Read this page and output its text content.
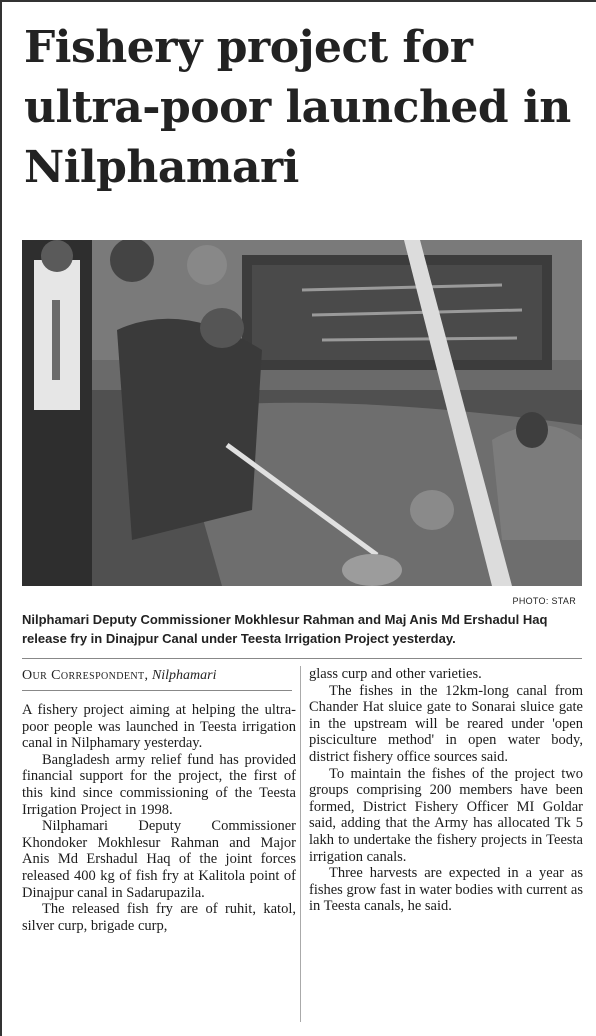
Fishery project for ultra-poor launched in Nilphamari
PHOTO: STAR

Nilphamari Deputy Commissioner Mokhlesur Rahman and Maj Anis Md Ershadul Haq release fry in Dinajpur Canal under Teesta Irrigation Project yesterday.

Our Correspondent, Nilphamari

A fishery project aiming at helping the ultra-poor people was launched in Teesta irrigation canal in Nilphamary yesterday.

Bangladesh army relief fund has provided financial support for the project, the first of this kind since commissioning of the Teesta Irrigation Project in 1998.

Nilphamari Deputy Commissioner Khondoker Mokhlesur Rahman and Major Anis Md Ershadul Haq of the joint forces released 400 kg of fish fry at Kalitola point of Dinajpur canal in Sadarupazila.

The released fish fry are of ruhit, katol, silver curp, brigade curp,

glass curp and other varieties.

The fishes in the 12km-long canal from Chander Hat sluice gate to Sonarai sluice gate in the upstream will be reared under 'open pisciculture method' in open water body, district fishery office sources said.

To maintain the fishes of the project two groups comprising 200 members have been formed, District Fishery Officer MI Goldar said, adding that the Army has allocated Tk 5 lakh to undertake the fishery projects in Teesta irrigation canals.

Three harvests are expected in a year as fishes grow fast in water bodies with current as in Teesta canals, he said.
